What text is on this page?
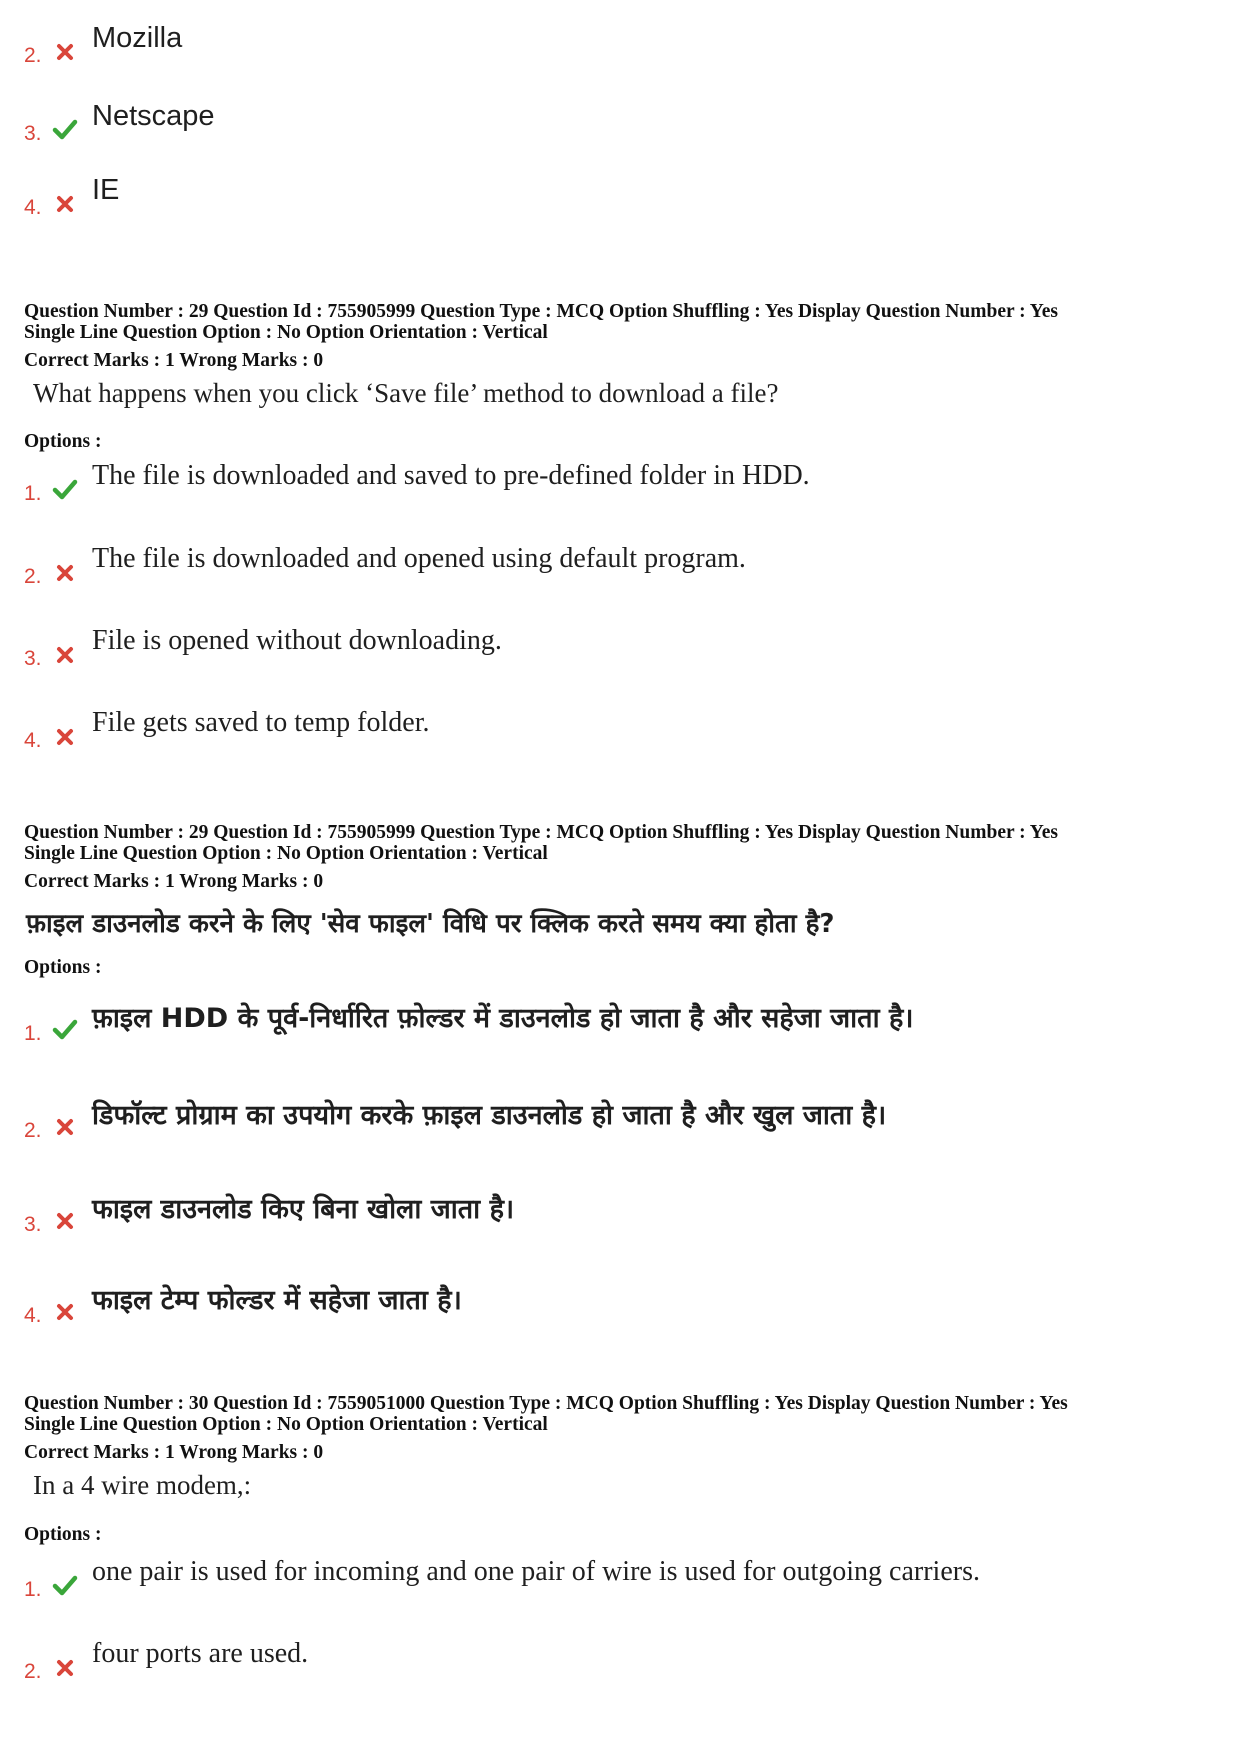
2.
Mozilla
3.
Netscape
4.
IE
Question Number : 29 Question Id : 755905999 Question Type : MCQ Option Shuffling : Yes Display Question Number : Yes
Single Line Question Option : No Option Orientation : Vertical
Correct Marks : 1 Wrong Marks : 0
What happens when you click ‘Save file’ method to download a file?
Options :
1.
The file is downloaded and saved to pre-defined folder in HDD.
2.
The file is downloaded and opened using default program.
3.
File is opened without downloading.
4.
File gets saved to temp folder.
Question Number : 29 Question Id : 755905999 Question Type : MCQ Option Shuffling : Yes Display Question Number : Yes
Single Line Question Option : No Option Orientation : Vertical
Correct Marks : 1 Wrong Marks : 0
फ़ाइल डाउनलोड करने के लिए 'सेव फाइल' विधि पर क्लिक करते समय क्या होता है?
Options :
1. फ़ाइल HDD के पूर्व-निर्धारित फ़ोल्डर में डाउनलोड हो जाता है और सहेजा जाता है।
2. डिफॉल्ट प्रोग्राम का उपयोग करके फ़ाइल डाउनलोड हो जाता है और खुल जाता है।
3. फाइल डाउनलोड किए बिना खोला जाता है।
4. फाइल टेम्प फोल्डर में सहेजा जाता है।
Question Number : 30 Question Id : 7559051000 Question Type : MCQ Option Shuffling : Yes Display Question Number : Yes
Single Line Question Option : No Option Orientation : Vertical
Correct Marks : 1 Wrong Marks : 0
In a 4 wire modem,:
Options :
1.
one pair is used for incoming and one pair of wire is used for outgoing carriers.
2.
four ports are used.
